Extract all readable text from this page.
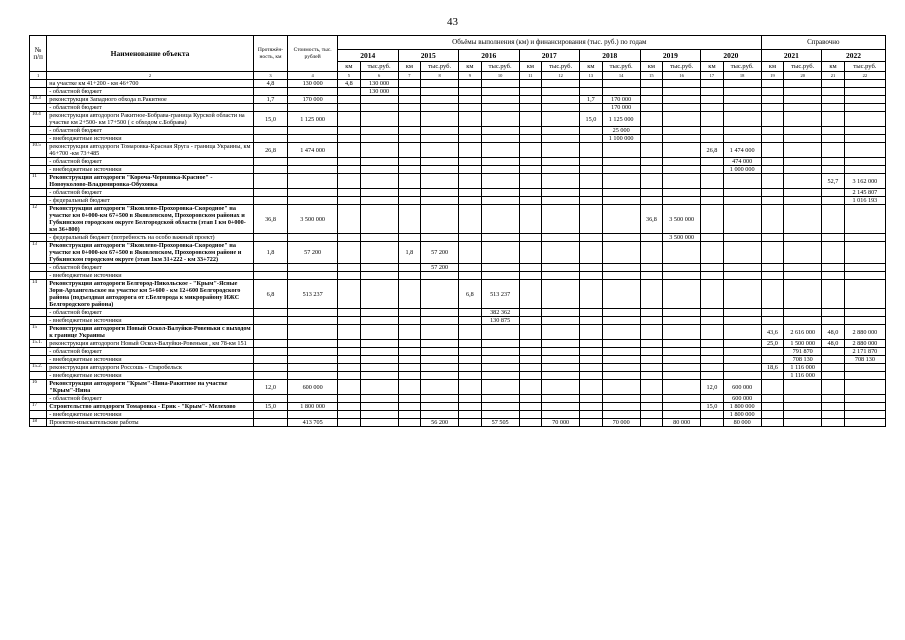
43
№ п/п	Наименование объекта	Протяжён-ность, км	Стоимость, тыс. рублей	Объёмы выполнения (км) и финансирования (тыс. руб.) по годам														Справочно			
				2014		2015		2016		2017		2018		2019		2020		2021		2022	
				км	тыс.руб.	км	тыс.руб.	км	тыс.руб.	км	тыс.руб.	км	тыс.руб.	км	тыс.руб.	км	тыс.руб.	км	тыс.руб.	км	тыс.руб.
1	2	3	4	5	6	7	8	9	10	11	12	13	14	15	16	17	18	19	20	21	22
	на участке км 41+200 - км 46+700	4,8	130 000	4,8	130 000																
	- областной бюджет				130 000																
10.3	реконструкция Западного обхода п.Ракитное	1,7	170 000									1,7	170 000								
	- областной бюджет												170 000								
10.4	реконструкция автодороги Ракитное-Бобрава-граница Курской области на участке км 2+500- км 17+500 ( с обходом с.Бобрава)	15,0	1 125 000									15,0	1 125 000								
	- областной бюджет												25 000								
	- внебюджетные источники												1 100 000								
10.5	реконструкция автодороги Томаровка-Красная Яруга - граница Украины, км 46+700 -км 73+485	26,8	1 474 000													26,8	1 474 000				
	- областной бюджет																474 000				
	- внебюджетные источники																1 000 000				
11	Реконструкция автодороги "Короча-Чернянка-Красное" - Новоуколово-Владимировка-Обуховка																			52,7	3 162 000
	- областной бюджет																				2 145 807
	- федеральный бюджет																				1 016 193
12	Реконструкция автодороги "Яковлево-Прохоровка-Скородное" на участке км 0+000-км 67+500 в Яковлевском, Прохоровском районах и Губкинском городском округе Белгородской области (этап I км 0+000-км 36+800)	36,8	3 500 000											36,8	3 500 000						
	- федеральный бюджет (потребность на особо важный проект)														3 500 000						
13	Реконструкция автодороги "Яковлево-Прохоровка-Скородное" на участке км 0+000-км 67+500 в Яковлевском, Прохоровском районе и Губкинском городском округе (этап 1км 31+222 - км 33+722)	1,8	57 200			1,8	57 200														
	- областной бюджет						57 200														
	- внебюджетные источники																				
14	Реконструкция автодороги Белгород-Никольское - "Крым"-Ясные Зори-Архангельское на участке км 5+600 - км 12+600 Белгородского района (подъездная автодорога от г.Белгорода к микрорайону ИЖС Белгородского района)	6,8	513 237					6,8	513 237												
	- областной бюджет								382 362												
	- внебюджетные источники								130 875												
15	Реконструкция автодороги Новый Оскол-Валуйки-Ровеньки с выходом к границе Украины																	43,6	2 616 000	48,0	2 880 000
15.1.	реконструкция автодороги Новый Оскол-Валуйки-Ровеньки , км 78-км 151																	25,0	1 500 000	48,0	2 880 000
	- областной бюджет																		791 870		2 171 870
	- внебюджетные источники																		708 130		708 130
15.2.	реконструкция автодороги Россошь - Старобельск																	18,6	1 116 000		
	- внебюджетные источники																		1 116 000		
16	Реконструкция автодороги "Крым"-Нина-Ракитное на участке "Крым"-Нина	12,0	600 000													12,0	600 000				
	- областной бюджет																600 000				
17	Строительство автодороги Томаровка - Ерик - "Крым"- Мелехово	15,0	1 800 000													15,0	1 800 000				
	- внебюджетные источники																1 800 000				
18	Проектно-изыскательские работы		413 705				56 200		57 505		70 000		70 000		80 000		80 000				
